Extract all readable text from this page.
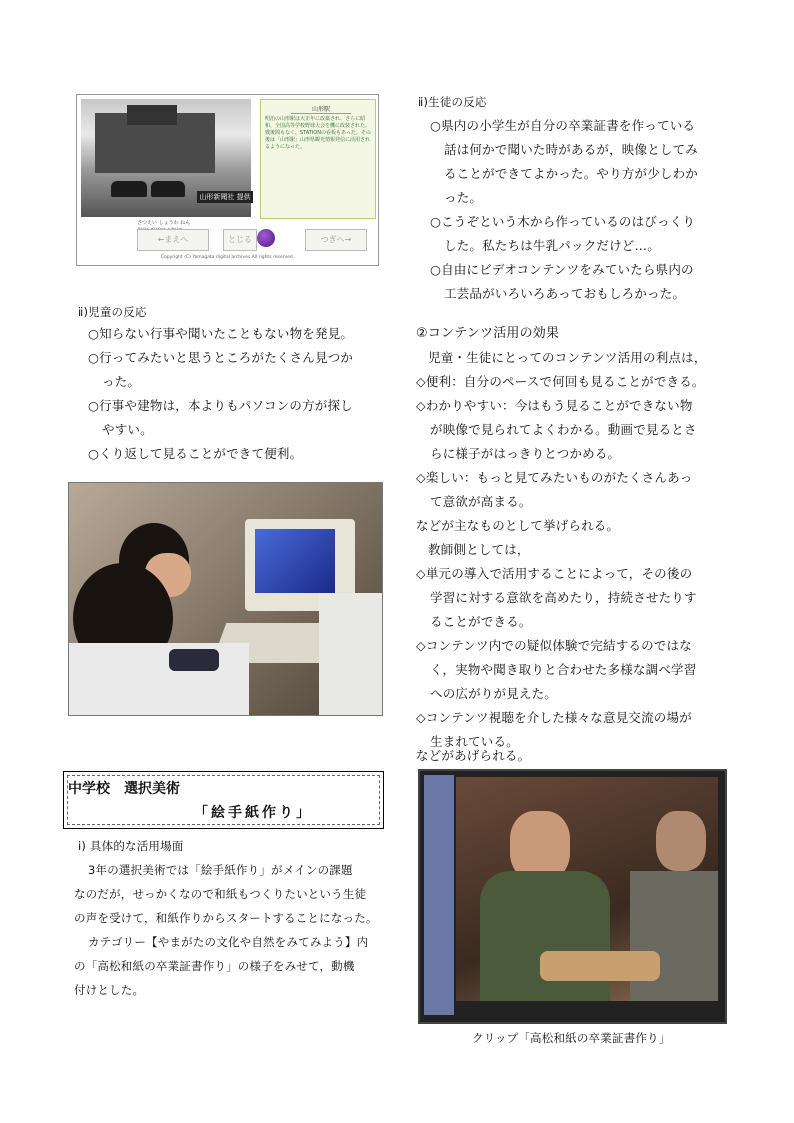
山形新聞社 提供
さつえい しょうわ ねん
山形駅
明治の山形駅は大正年に改築され、さらに昭和、全国高等学校野球大会を機に改装された。戦後間もなく、STATIONの看板もあった。その後は「山形駅」山形県観光情報発信に活用されるようになった。
←まえへ	とじる	つぎへ→
Copyright (C) Yamagata digital archives All rights reserved.
ⅱ)生徒の反応
○県内の小学生が自分の卒業証書を作っている
話は何かで聞いた時があるが，映像としてみ
ることができてよかった。やり方が少しわか
った。
○こうぞという木から作っているのはびっくり
した。私たちは牛乳パックだけど…。
○自由にビデオコンテンツをみていたら県内の
工芸品がいろいろあっておもしろかった。
②コンテンツ活用の効果
児童・生徒にとってのコンテンツ活用の利点は，
◇便利：自分のペースで何回も見ることができる。
◇わかりやすい：今はもう見ることができない物
が映像で見られてよくわかる。動画で見るとさ
らに様子がはっきりとつかめる。
◇楽しい：もっと見てみたいものがたくさんあっ
て意欲が高まる。
などが主なものとして挙げられる。
教師側としては，
◇単元の導入で活用することによって，その後の
学習に対する意欲を高めたり，持続させたりす
ることができる。
◇コンテンツ内での疑似体験で完結するのではな
く，実物や聞き取りと合わせた多様な調べ学習
への広がりが見えた。
◇コンテンツ視聴を介した様々な意見交流の場が
生まれている。
などがあげられる。
クリップ「高松和紙の卒業証書作り」
ⅱ)児童の反応
○知らない行事や聞いたこともない物を発見。
○行ってみたいと思うところがたくさん見つか
った。
○行事や建物は，本よりもパソコンの方が探し
やすい。
○くり返して見ることができて便利。
中学校　選択美術
「絵手紙作り」
ⅰ) 具体的な活用場面
3年の選択美術では「絵手紙作り」がメインの課題
なのだが，せっかくなので和紙もつくりたいという生徒
の声を受けて，和紙作りからスタートすることになった。
カテゴリー【やまがたの文化や自然をみてみよう】内
の「高松和紙の卒業証書作り」の様子をみせて，動機
付けとした。
